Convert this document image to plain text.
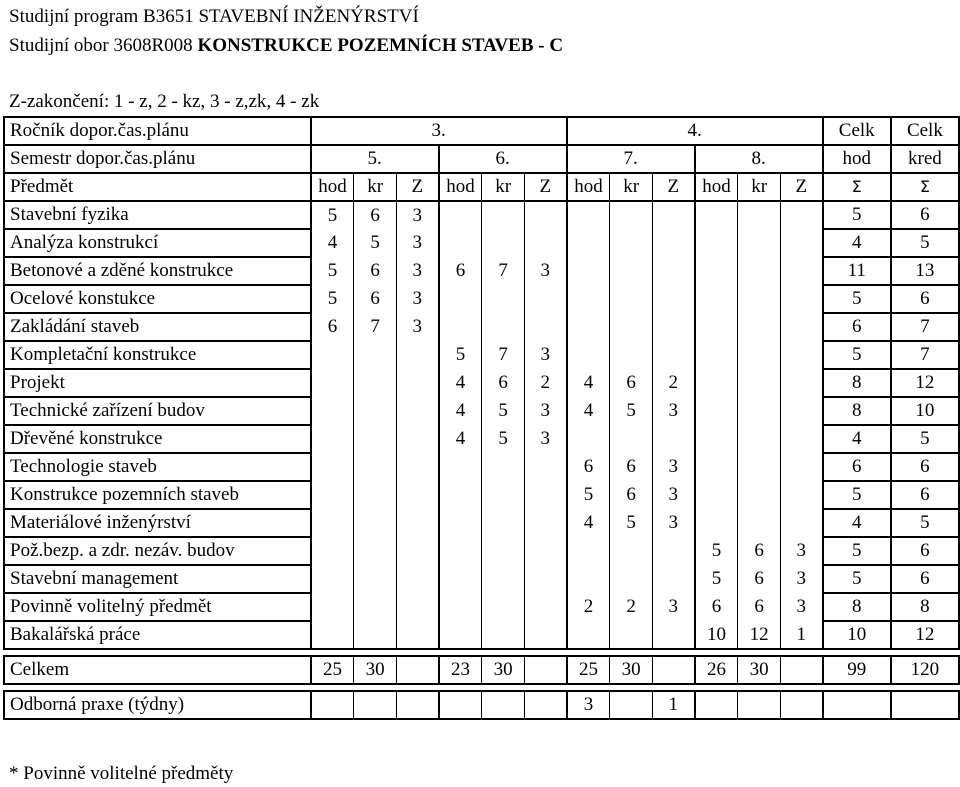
Studijní program B3651 STAVEBNÍ INŽENÝRSTVÍ
Studijní obor 3608R008 KONSTRUKCE POZEMNÍCH STAVEB - C
Z-zakončení: 1 - z, 2 - kz, 3 - z,zk, 4 - zk
Ročník dopor.čas.plánu	3.						4.						Celk	Celk
Semestr dopor.čas.plánu	5.			6.			7.			8.			hod	kred
Předmět	hod	kr	Z	hod	kr	Z	hod	kr	Z	hod	kr	Z	Σ	Σ
Stavební fyzika	5	6	3										5	6
Analýza konstrukcí	4	5	3										4	5
Betonové a zděné konstrukce	5	6	3	6	7	3							11	13
Ocelové konstukce	5	6	3										5	6
Zakládání staveb	6	7	3										6	7
Kompletační konstrukce				5	7	3							5	7
Projekt				4	6	2	4	6	2				8	12
Technické zařízení budov				4	5	3	4	5	3				8	10
Dřevěné konstrukce				4	5	3							4	5
Technologie staveb							6	6	3				6	6
Konstrukce pozemních staveb							5	6	3				5	6
Materiálové inženýrství							4	5	3				4	5
Pož.bezp. a zdr. nezáv. budov										5	6	3	5	6
Stavební management										5	6	3	5	6
Povinně volitelný předmět							2	2	3	6	6	3	8	8
Bakalářská práce										10	12	1	10	12

Celkem	25	30		23	30		25	30		26	30		99	120

Odborná praxe (týdny)							3		1					
* Povinně volitelné předměty
